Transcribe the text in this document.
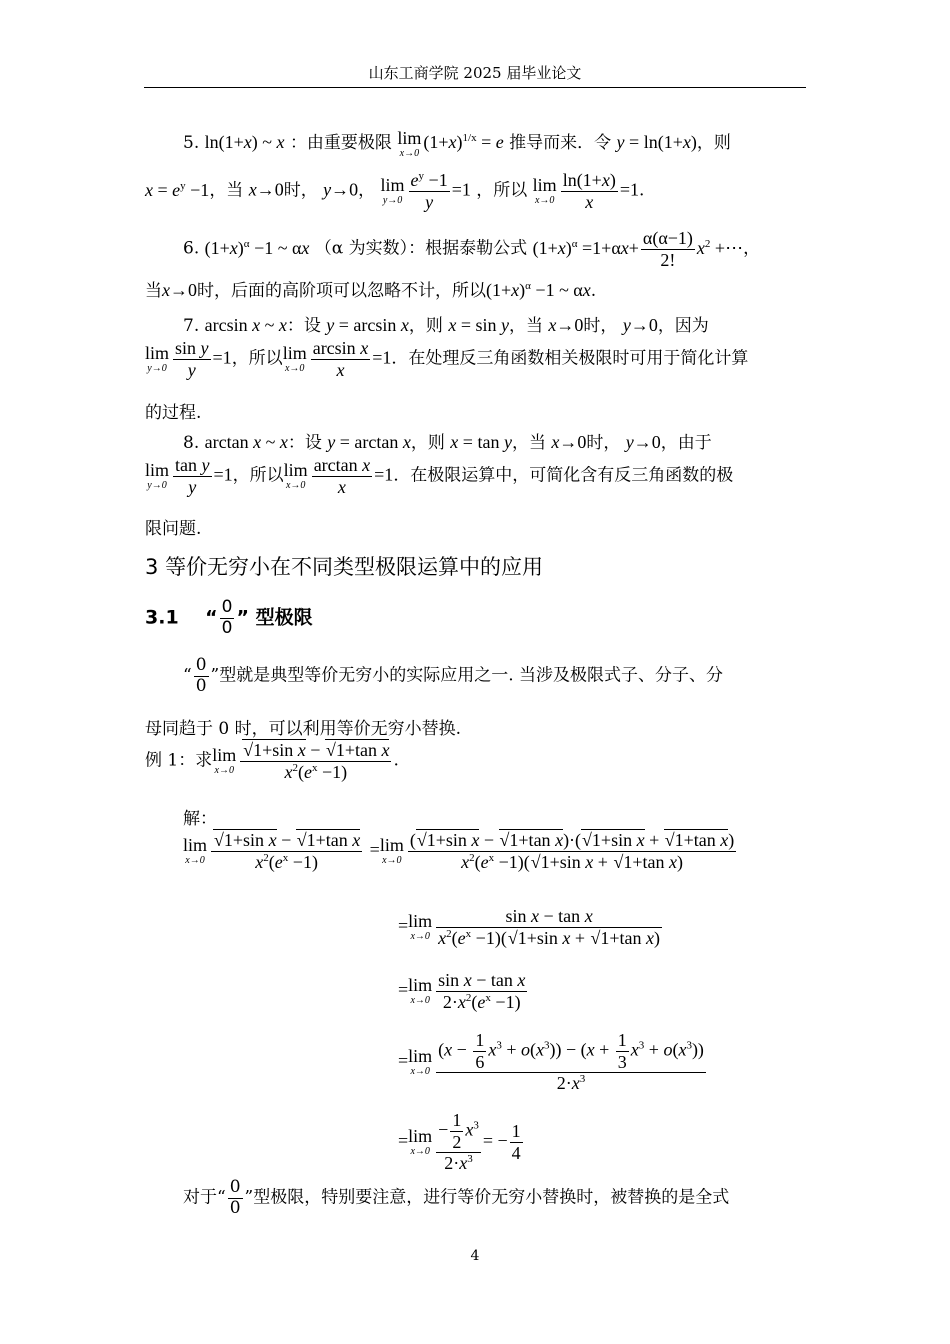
山东工商学院 2025 届毕业论文
5. ln(1+x) ~ x ：由重要极限 lim
x→0
$(1+x)^{1/x} = e$ 推导而来．令 y = ln(1+x)，则
$x = e^y -1$，当 x→0时， y→0， lim
$y\to 0 \frac{e^y -1}{y} =1$ ，所以 lim
$x\to 0 \frac{\ln(1+x)}{x} =1$.
6. $(1+x)^\alpha -1$ ~ αx （α 为实数）：根据泰勒公式 $(1+x)^\alpha =1+\alpha x+ \frac{\alpha(\alpha-1)}{2!} x^2$ +⋯，
当x→0时，后面的高阶项可以忽略不计，所以$(1+x)^\alpha -1$ ~ αx.
7. arcsin x ~ x：设 y = arcsin x，则 x = sin y，当 x→0时， y→0，因为
lim
$y\to 0 \frac{\text{sin y}}{y} =1$，所以lim
$x\to 0 \frac{\text{arcsin x}}{x} =1$．在处理反三角函数相关极限时可用于简化计算
的过程.
8. arctan x ~ x：设 y = arctan x，则 x = tan y，当 x→0时， y→0，由于
lim
$y\to 0 \frac{\text{tan y}}{y} =1$，所以lim
$x\to 0 \frac{\text{arctan x}}{x} =1$．在极限运算中，可简化含有反三角函数的极
限问题.
3 等价无穷小在不同类型极限运算中的应用
3.1 “ $\frac{0}{0}$ ” 型极限
“ $\frac{0}{0}$ ”型就是典型等价无穷小的实际应用之一. 当涉及极限式子、分子、分
母同趋于 0 时，可以利用等价无穷小替换.
例 1：求lim
$x\to 0 \frac{\text{√1+sin x − √1+tan x}}{x^2(e^x -1)}$ .
解：
lim
$x\to 0 \frac{\text{√1+sin x − √1+tan x}}{x^2(e^x -1)} =\lim$
$x\to 0 \frac{\text{(√1+sin x − √1+tan x)·(√1+sin x + √1+tan x)}}{x^2(e^x -1)(√1+\sin x + √1+\tan x)}$
=lim
$x\to 0 \frac{\text{sin x − tan x}}{x^2(e^x -1)(√1+\sin x + √1+\tan x)}$
=lim
$x\to 0 \frac{\text{sin x − tan x}}{2\cdot x^2(e^x -1)}$
=lim
$x\to 0 \frac{(x - \frac{1}{6} x^3 + o(x^3)) - (x + \frac{1}{3} x^3 + o(x^3))}{2\cdot x^3}$
=lim
$x\to 0 \frac{- \frac{1}{2} x^3}{2\cdot x^3}$ = − $\frac{1}{4}$
对于“ $\frac{0}{0}$ ”型极限，特别要注意，进行等价无穷小替换时，被替换的是全式
4
